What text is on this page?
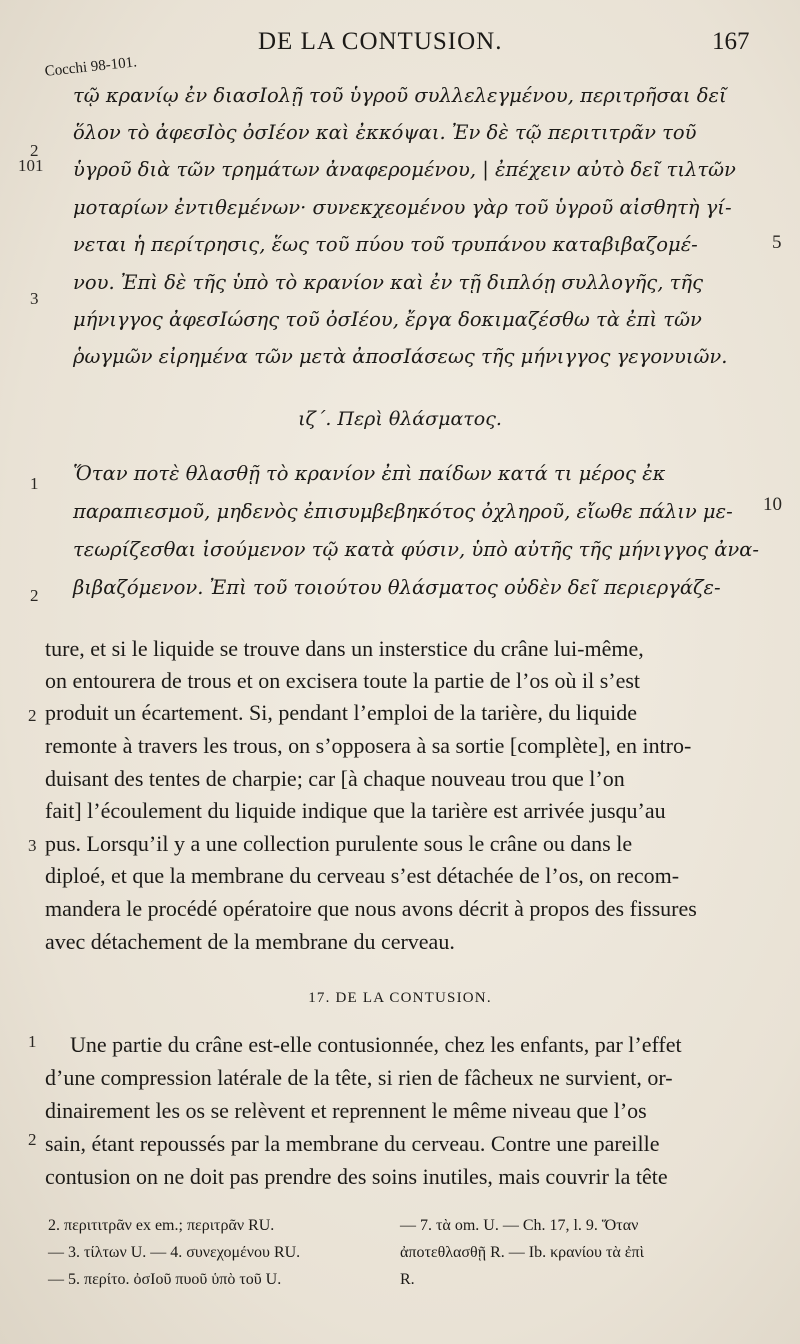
DE LA CONTUSION.	167
Cocchi 98-101.
τῷ κρανίῳ ἐν διασΙολῇ τοῦ ὑγροῦ συλλελεγμένου, περιτρῆσαι δεῖ
ὅλον τὸ ἀφεσΙὸς ὀσΙέον καὶ ἐκκόψαι. Ἐν δὲ τῷ περιτιτρᾶν τοῦ
ὑγροῦ διὰ τῶν τρημάτων ἀναφερομένου, | ἐπέχειν αὐτὸ δεῖ τιλτῶν
μοταρίων ἐντιθεμένων· συνεκχεομένου γὰρ τοῦ ὑγροῦ αἰσθητὴ γί-
νεται ἡ περίτρησις, ἕως τοῦ πύου τοῦ τρυπάνου καταβιβαζομέ-
νου. Ἐπὶ δὲ τῆς ὑπὸ τὸ κρανίον καὶ ἐν τῇ διπλόῃ συλλογῆς, τῆς
μήνιγγος ἀφεσΙώσης τοῦ ὀσΙέου, ἔργα δοκιμαζέσθω τὰ ἐπὶ τῶν
ῥωγμῶν εἰρημένα τῶν μετὰ ἀποσΙάσεως τῆς μήνιγγος γεγονυιῶν.
ιζ΄. Περὶ θλάσματος.
Ὅταν ποτὲ θλασθῇ τὸ κρανίον ἐπὶ παίδων κατά τι μέρος ἐκ
παραπιεσμοῦ, μηδενὸς ἐπισυμβεβηκότος ὀχληροῦ, εἴωθε πάλιν με-
τεωρίζεσθαι ἰσούμενον τῷ κατὰ φύσιν, ὑπὸ αὐτῆς τῆς μήνιγγος ἀνα-
βιβαζόμενον. Ἐπὶ τοῦ τοιούτου θλάσματος οὐδὲν δεῖ περιεργάζε-
2
101
3
1
2
5
10
ture, et si le liquide se trouve dans un insterstice du crâne lui-même,
on entourera de trous et on excisera toute la partie de l’os où il s’est
produit un écartement. Si, pendant l’emploi de la tarière, du liquide
remonte à travers les trous, on s’opposera à sa sortie [complète], en intro-
duisant des tentes de charpie; car [à chaque nouveau trou que l’on
fait] l’écoulement du liquide indique que la tarière est arrivée jusqu’au
pus. Lorsqu’il y a une collection purulente sous le crâne ou dans le
diploé, et que la membrane du cerveau s’est détachée de l’os, on recom-
mandera le procédé opératoire que nous avons décrit à propos des fissures
avec détachement de la membrane du cerveau.
2
3
17. DE LA CONTUSION.
Une partie du crâne est-elle contusionnée, chez les enfants, par l’effet
d’une compression latérale de la tête, si rien de fâcheux ne survient, or-
dinairement les os se relèvent et reprennent le même niveau que l’os
sain, étant repoussés par la membrane du cerveau. Contre une pareille
contusion on ne doit pas prendre des soins inutiles, mais couvrir la tête
1
2
2. περιτιτρᾶν ex em.; περιτρᾶν RU.
— 3. τίλτων U. — 4. συνεχομένου RU.
— 5. περίτο. ὀσΙοῦ πυοῦ ὑπὸ τοῦ U.
— 7. τὰ om. U. — Ch. 17, l. 9. Ὅταν
ἀποτεθλασθῇ R. — Ib. κρανίου τὰ ἐπὶ
R.
